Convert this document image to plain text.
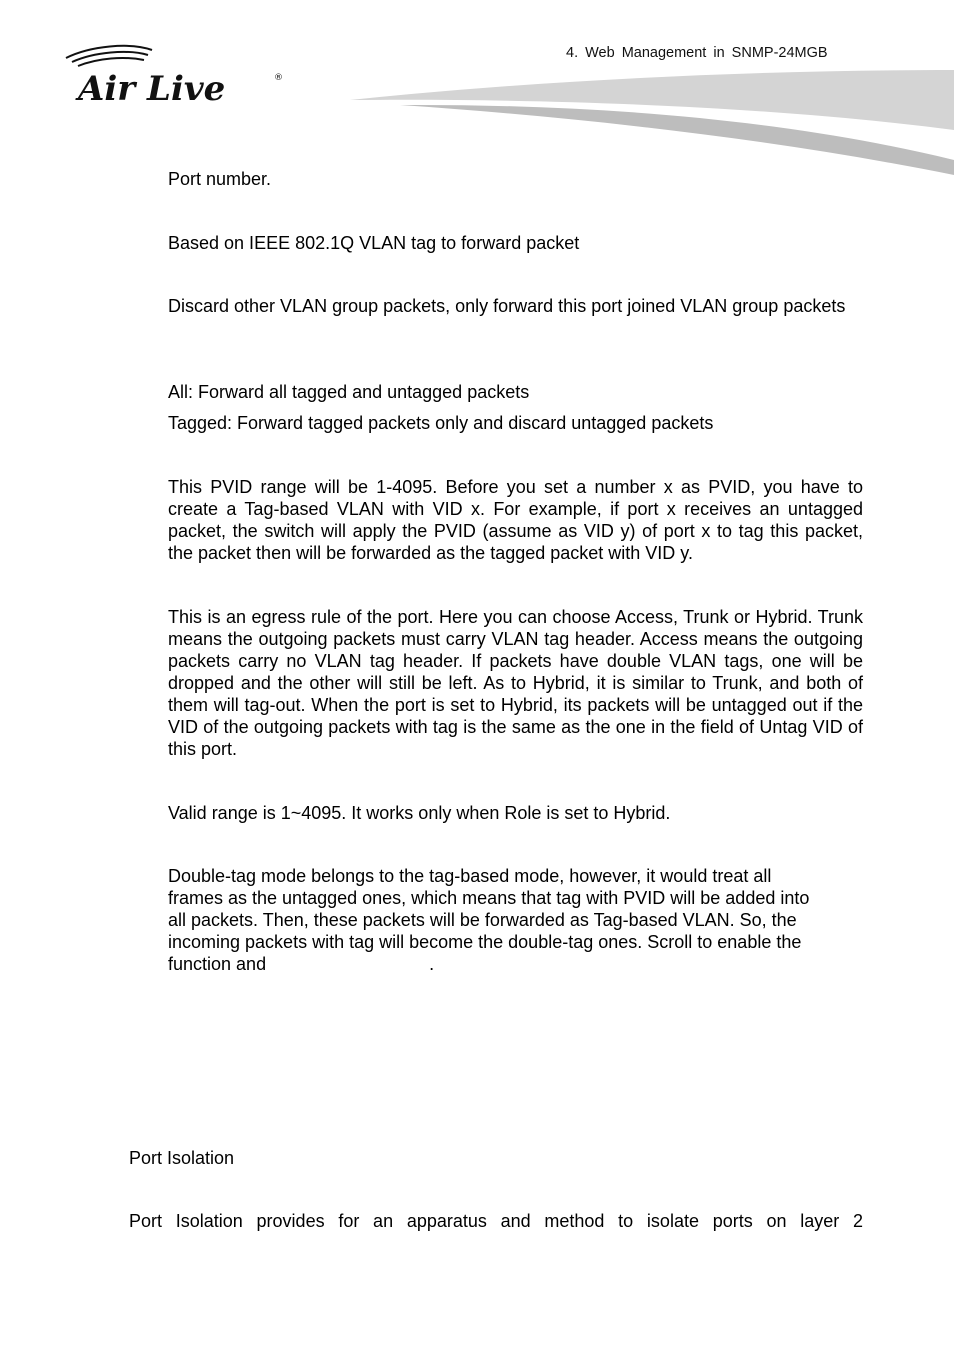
Air Live	®
4. Web Management in SNMP-24MGB

Port number.

Based on IEEE 802.1Q VLAN tag to forward packet

Discard other VLAN group packets, only forward this port joined VLAN group packets

All: Forward all tagged and untagged packets

Tagged: Forward tagged packets only and discard untagged packets

This PVID range will be 1-4095. Before you set a number x as PVID, you have to create a Tag-based VLAN with VID x. For example, if port x receives an untagged packet, the switch will apply the PVID (assume as VID y) of port x to tag this packet, the packet then will be forwarded as the tagged packet with VID y.

This is an egress rule of the port. Here you can choose Access, Trunk or Hybrid. Trunk means the outgoing packets must carry VLAN tag header. Access means the outgoing packets carry no VLAN tag header. If packets have double VLAN tags, one will be dropped and the other will still be left. As to Hybrid, it is similar to Trunk, and both of them will tag-out. When the port is set to Hybrid, its packets will be untagged out if the VID of the outgoing packets with tag is the same as the one in the field of Untag VID of this port.

Valid range is 1~4095. It works only when Role is set to Hybrid.

Double-tag mode belongs to the tag-based mode, however, it would treat all
frames as the untagged ones, which means that tag with PVID will be added into
all packets. Then, these packets will be forwarded as Tag-based VLAN. So, the
incoming packets with tag will become the double-tag ones. Scroll to enable the
function and	.

Port Isolation

Port Isolation provides for an apparatus and method to isolate ports on layer 2
